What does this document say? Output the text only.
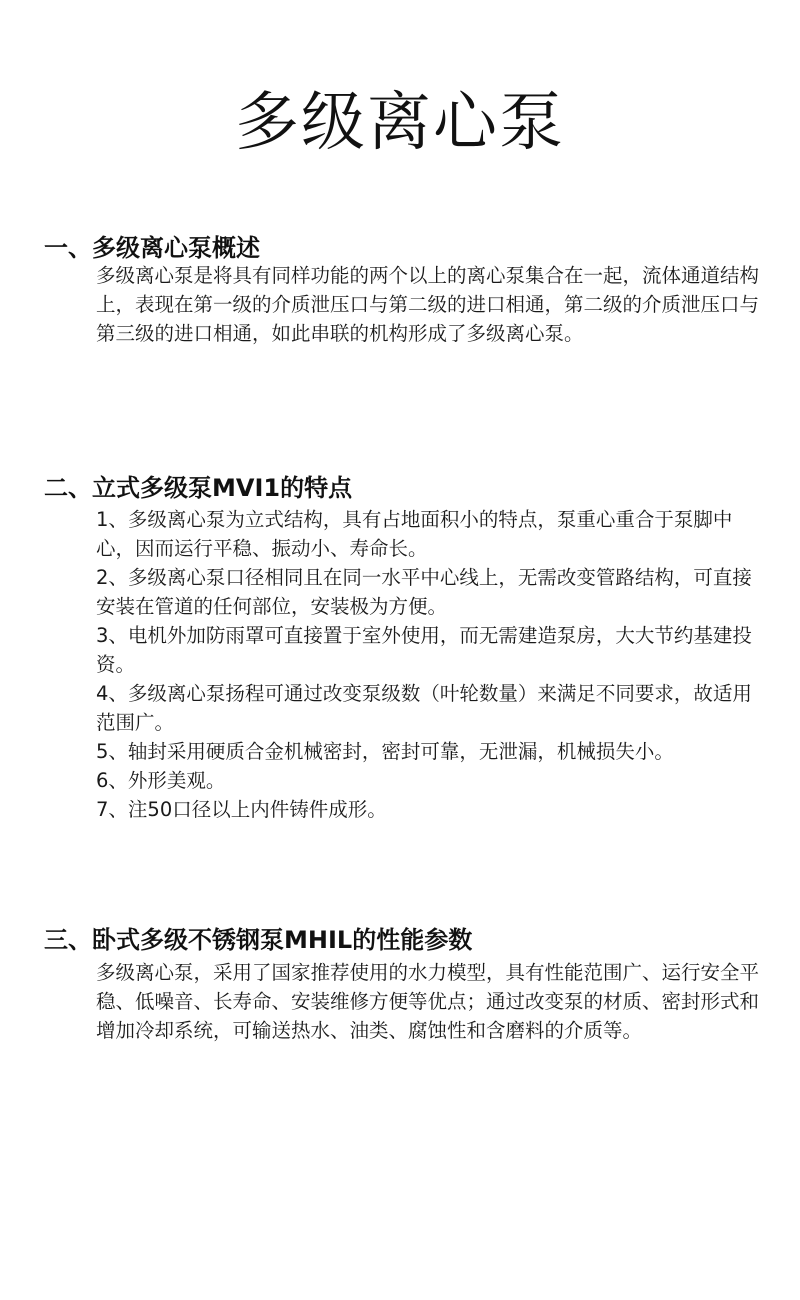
多级离心泵
一、多级离心泵概述

多级离心泵是将具有同样功能的两个以上的离心泵集合在一起，流体通道结构上，表现在第一级的介质泄压口与第二级的进口相通，第二级的介质泄压口与第三级的进口相通，如此串联的机构形成了多级离心泵。

二、立式多级泵MVI1的特点

1、多级离心泵为立式结构，具有占地面积小的特点，泵重心重合于泵脚中心，因而运行平稳、振动小、寿命长。

2、多级离心泵口径相同且在同一水平中心线上，无需改变管路结构，可直接安装在管道的任何部位，安装极为方便。

3、电机外加防雨罩可直接置于室外使用，而无需建造泵房，大大节约基建投资。

4、多级离心泵扬程可通过改变泵级数（叶轮数量）来满足不同要求，故适用范围广。

5、轴封采用硬质合金机械密封，密封可靠，无泄漏，机械损失小。

6、外形美观。

7、注50口径以上内件铸件成形。

三、卧式多级不锈钢泵MHIL的性能参数

多级离心泵，采用了国家推荐使用的水力模型，具有性能范围广、运行安全平稳、低噪音、长寿命、安装维修方便等优点；通过改变泵的材质、密封形式和增加冷却系统，可输送热水、油类、腐蚀性和含磨料的介质等。
